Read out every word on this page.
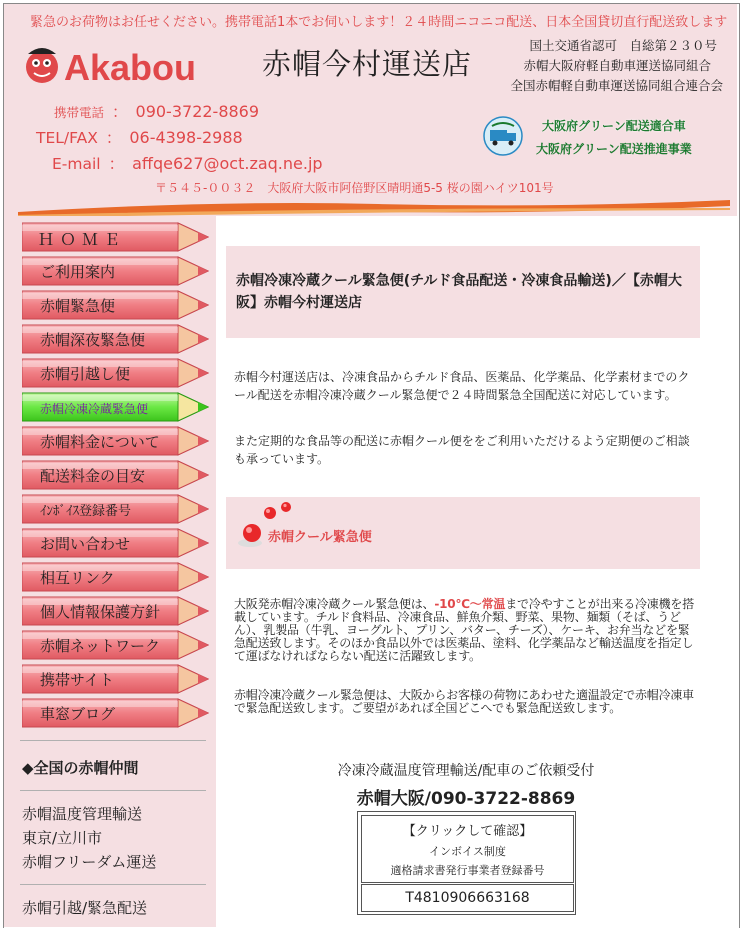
緊急のお荷物はお任せください。携帯電話1本でお伺いします！２４時間ニコニコ配送、日本全国貸切直行配送致します
Akabou 赤帽今村運送店
国土交通省認可　自総第２３０号
赤帽大阪府軽自動車運送協同組合
全国赤帽軽自動車運送協同組合連合会
携帯電話 ： 090-3722-8869
TEL/FAX ： 06-4398-2988
E-mail ： affqe627@oct.zaq.ne.jp
大阪府グリーン配送適合車
大阪府グリーン配送推進事業
〒５４５-００３２　大阪府大阪市阿倍野区晴明通5-5 桜の園ハイツ101号
ＨＯＭＥ
ご利用案内
赤帽緊急便
赤帽深夜緊急便
赤帽引越し便
赤帽冷凍冷蔵緊急便
赤帽料金について
配送料金の目安
ｲﾝﾎﾞｲｽ登録番号
お問い合わせ
相互リンク
個人情報保護方針
赤帽ネットワーク
携帯サイト
車窓ブログ
◆全国の赤帽仲間
赤帽温度管理輸送
東京/立川市
赤帽フリーダム運送
赤帽引越/緊急配送
赤帽冷凍冷蔵クール緊急便(チルド食品配送・冷凍食品輸送)／【赤帽大阪】赤帽今村運送店
赤帽今村運送店は、冷凍食品からチルド食品、医薬品、化学薬品、化学素材までのクール配送を赤帽冷凍冷蔵クール緊急便で２４時間緊急全国配送に対応しています。
また定期的な食品等の配送に赤帽クール便ををご利用いただけるよう定期便のご相談も承っています。
赤帽クール緊急便
大阪発赤帽冷凍冷蔵クール緊急便は、-10℃～常温まで冷やすことが出来る冷凍機を搭載しています。チルド食料品、冷凍食品、鮮魚介類、野菜、果物、麺類（そば、うどん）、乳製品（牛乳、ヨーグルト、プリン、バター、チーズ）、ケーキ、お弁当などを緊急配送致します。そのほか食品以外では医薬品、塗料、化学薬品など輸送温度を指定して運ばなければならない配送に活躍致します。
赤帽冷凍冷蔵クール緊急便は、大阪からお客様の荷物にあわせた適温設定で赤帽冷凍車で緊急配送致します。ご要望があれば全国どこへでも緊急配送致します。
冷凍冷蔵温度管理輸送/配車のご依頼受付
赤帽大阪/090-3722-8869
【クリックして確認】
インボイス制度
適格請求書発行事業者登録番号
T4810906663168
